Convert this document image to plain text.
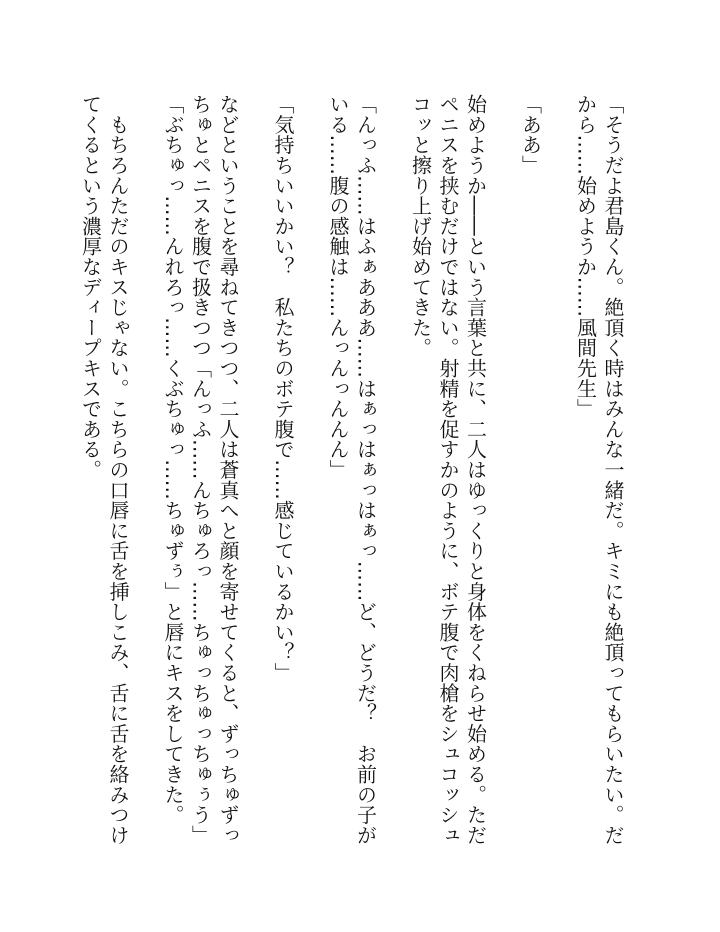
「そうだよ君島くん。絶頂く時はみんな一緒だ。キミにも絶頂ってもらいたい。だから……始めようか……風間先生」

「ああ」

始めようか――という言葉と共に、二人はゆっくりと身体をくねらせ始める。ただペニスを挟むだけではない。射精を促すかのように、ボテ腹で肉槍をシュコッシュコッと擦り上げ始めてきた。

「んっふ……はふぁあああ……はぁっはぁっはぁっ……ど、どうだ？　お前の子がいる……腹の感触は……んっんっんんん」

「気持ちいいかい？　私たちのボテ腹で……感じているかい？」

などということを尋ねてきつつ、二人は蒼真へと顔を寄せてくると、ずっちゅずっちゅとペニスを腹で扱きつつ「んっふ……んちゅろっ……ちゅっちゅっちゅぅう」「ぶちゅっ……んれろっ……くぶちゅっ……ちゅずぅ」と唇にキスをしてきた。

　もちろんただのキスじゃない。こちらの口唇に舌を挿しこみ、舌に舌を絡みつけてくるという濃厚なディープキスである。
